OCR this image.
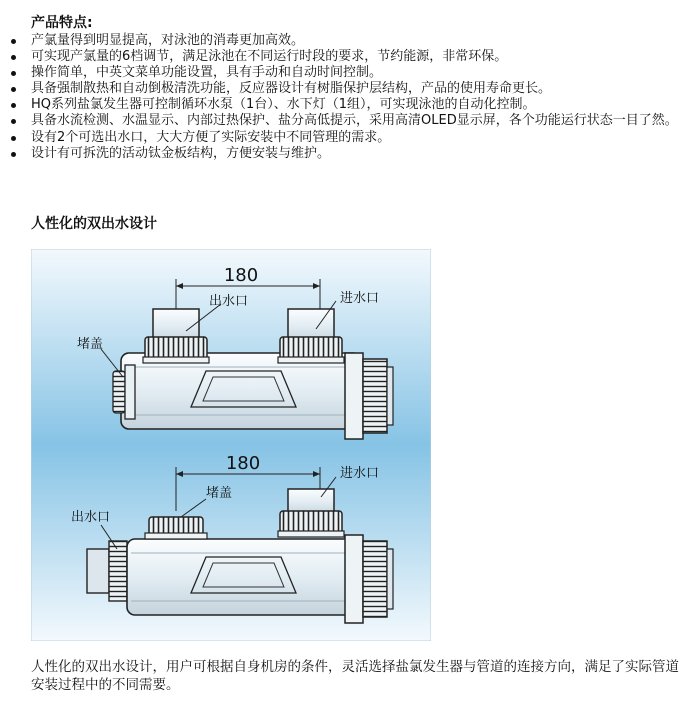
产品特点:
产氯量得到明显提高，对泳池的消毒更加高效。
可实现产氯量的6档调节，满足泳池在不同运行时段的要求，节约能源，非常环保。
操作简单，中英文菜单功能设置，具有手动和自动时间控制。
具备强制散热和自动倒极清洗功能，反应器设计有树脂保护层结构，产品的使用寿命更长。
HQ系列盐氯发生器可控制循环水泵（1台）、水下灯（1组），可实现泳池的自动化控制。
具备水流检测、水温显示、内部过热保护、盐分高低提示，采用高清OLED显示屏，各个功能运行状态一目了然。
设有2个可选出水口，大大方便了实际安装中不同管理的需求。
设计有可拆洗的活动钛金板结构，方便安装与维护。
人性化的双出水设计
180
出水口	进水口
堵盖
180
堵盖
进水口
出水口

人性化的双出水设计，用户可根据自身机房的条件，灵活选择盐氯发生器与管道的连接方向，满足了实际管道安装过程中的不同需要。
